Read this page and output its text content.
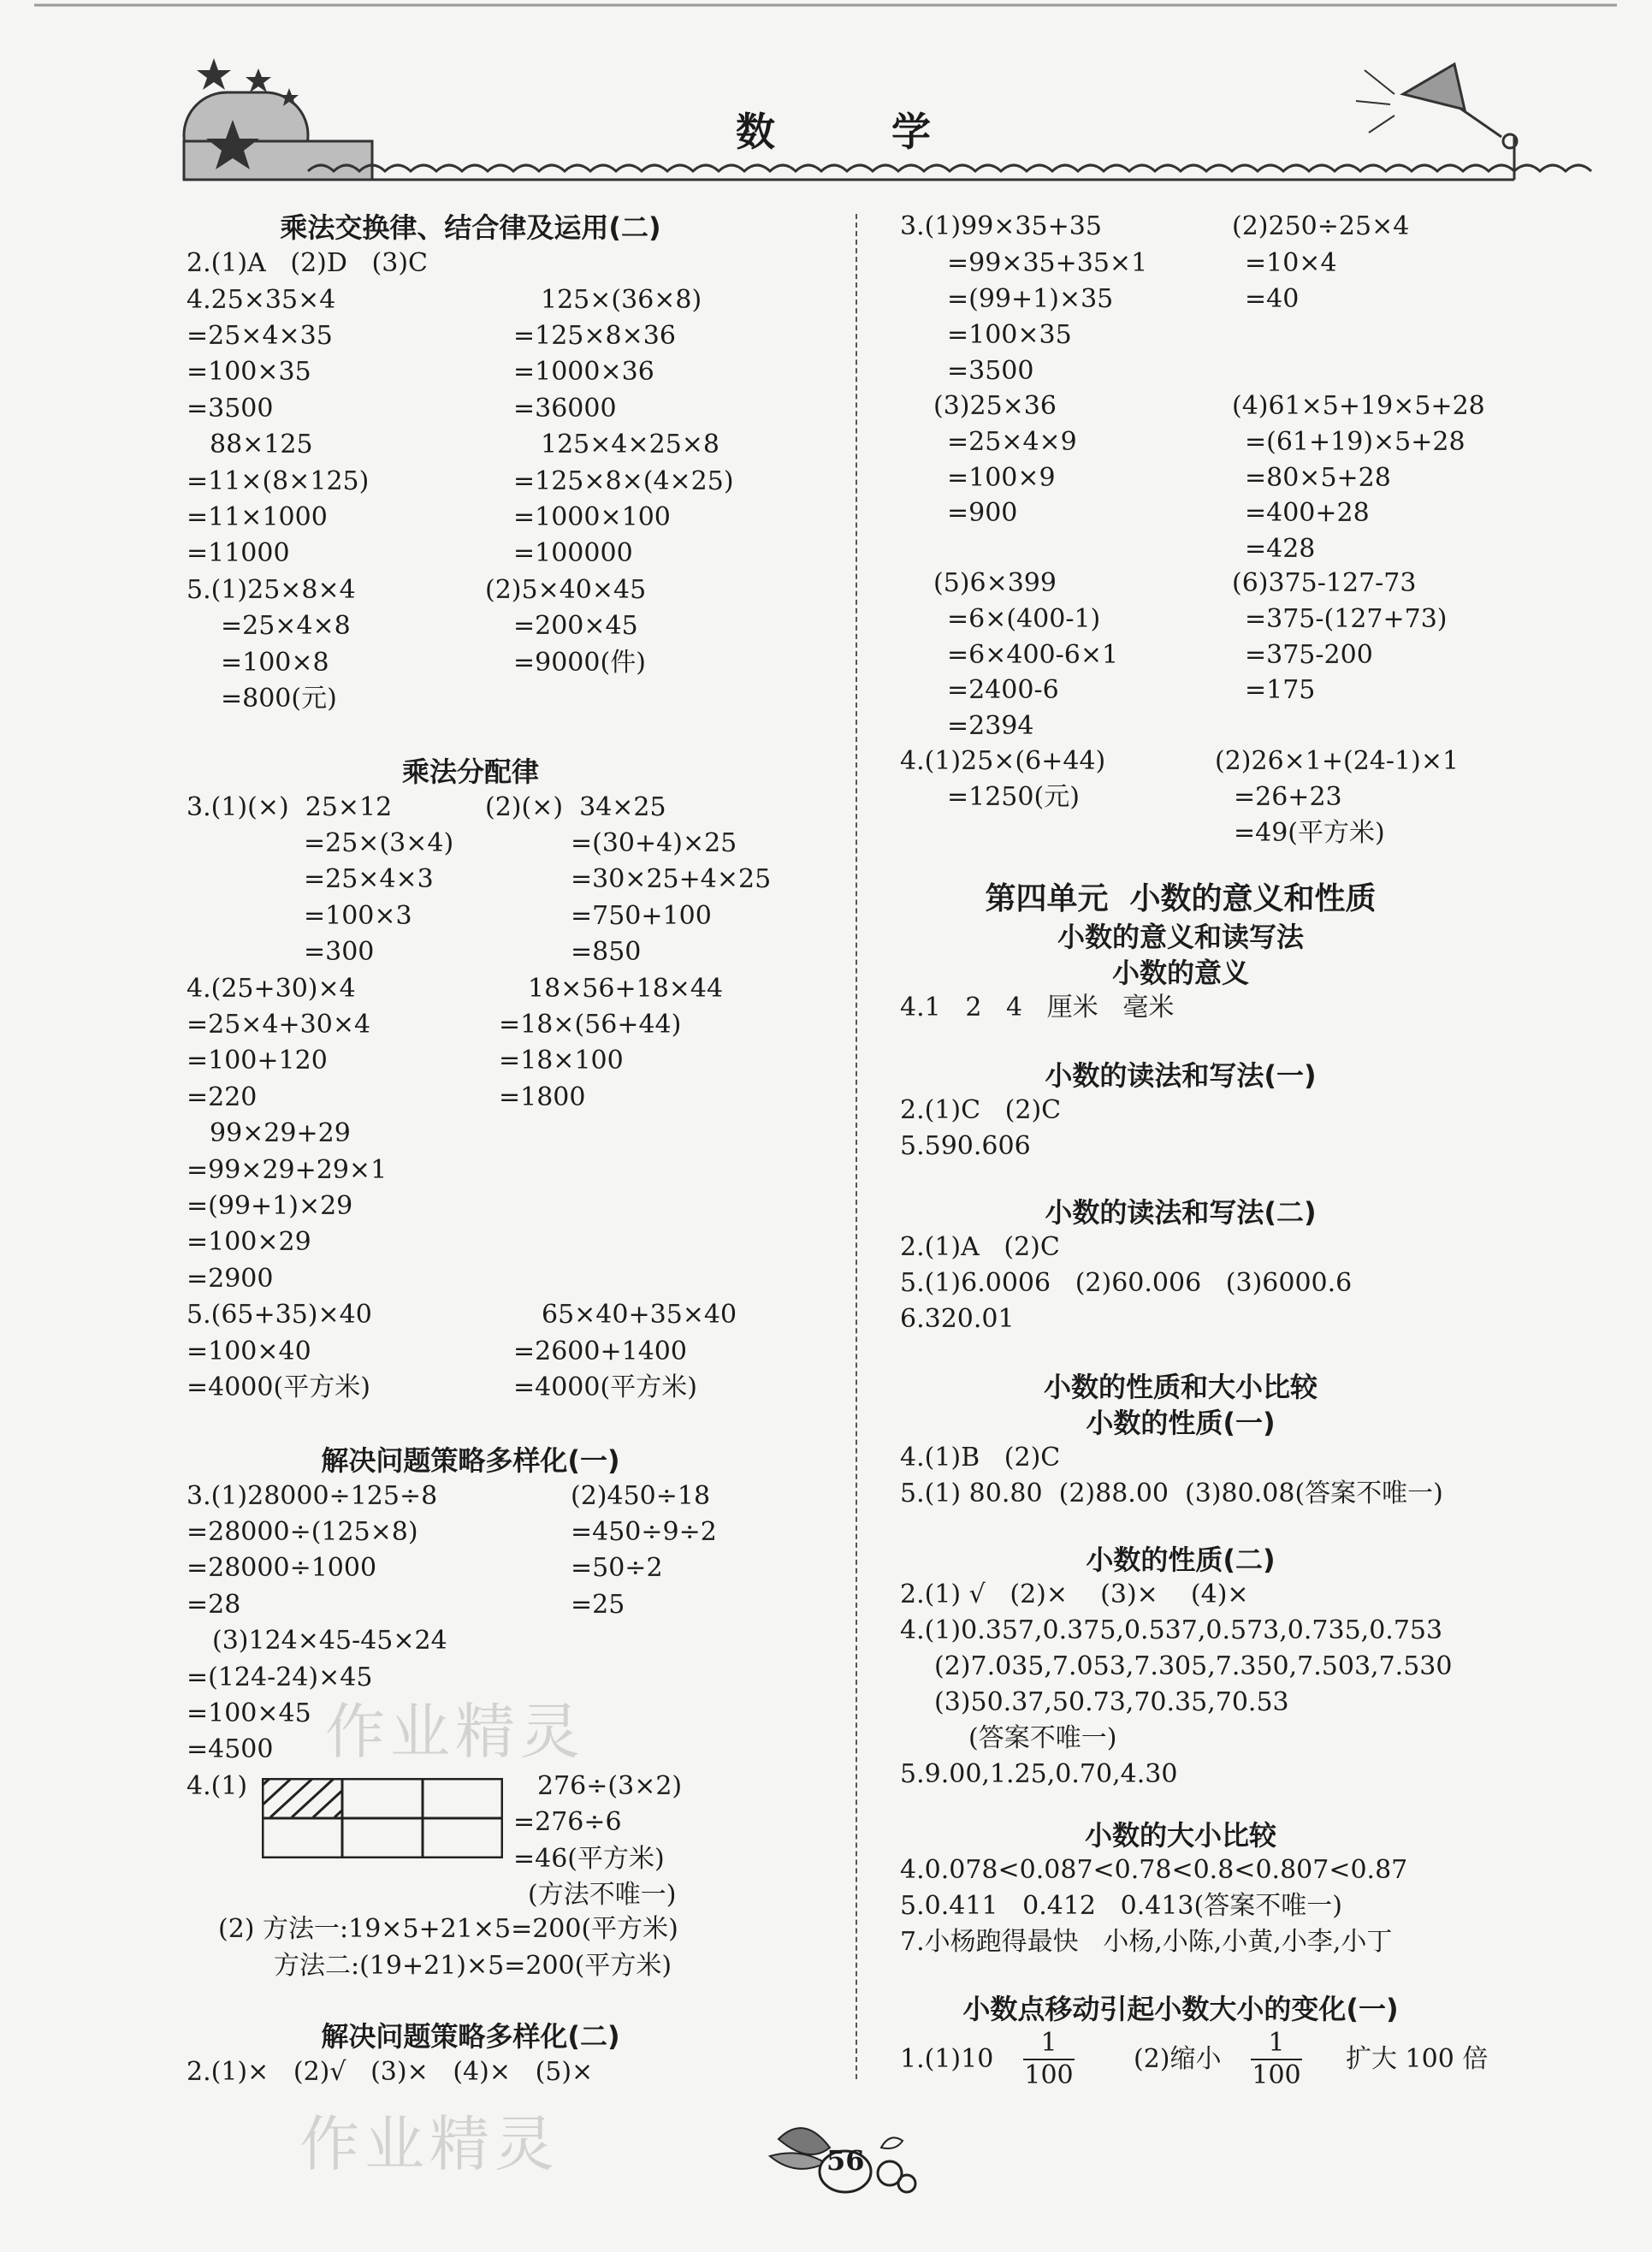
数 学
乘法交换律、结合律及运用(二)
2.(1)A   (2)D   (3)C
4.25×35×4
=25×4×35
=100×35
=3500
88×125
=11×(8×125)
=11×1000
=11000
5.(1)25×8×4
=25×4×8
=100×8
=800(元)
125×(36×8)
=125×8×36
=1000×36
=36000
125×4×25×8
=125×8×(4×25)
=1000×100
=100000
(2)5×40×45
=200×45
=9000(件)
乘法分配律
3.(1)(×)  25×12
=25×(3×4)
=25×4×3
=100×3
=300
4.(25+30)×4
=25×4+30×4
=100+120
=220
99×29+29
=99×29+29×1
=(99+1)×29
=100×29
=2900
5.(65+35)×40
=100×40
=4000(平方米)
(2)(×)  34×25
=(30+4)×25
=30×25+4×25
=750+100
=850
18×56+18×44
=18×(56+44)
=18×100
=1800
65×40+35×40
=2600+1400
=4000(平方米)
解决问题策略多样化(一)
3.(1)28000÷125÷8
=28000÷(125×8)
=28000÷1000
=28
(3)124×45-45×24
=(124-24)×45
=100×45
=4500
4.(1)
(2) 方法一:19×5+21×5=200(平方米)
方法二:(19+21)×5=200(平方米)
(2)450÷18
=450÷9÷2
=50÷2
=25
276÷(3×2)
=276÷6
=46(平方米)
(方法不唯一)
解决问题策略多样化(二)
2.(1)×   (2)√   (3)×   (4)×   (5)×
3.(1)99×35+35
=99×35+35×1
=(99+1)×35
=100×35
=3500
(3)25×36
=25×4×9
=100×9
=900
(5)6×399
=6×(400-1)
=6×400-6×1
=2400-6
=2394
4.(1)25×(6+44)
=1250(元)
(2)250÷25×4
=10×4
=40
(4)61×5+19×5+28
=(61+19)×5+28
=80×5+28
=400+28
=428
(6)375-127-73
=375-(127+73)
=375-200
=175
(2)26×1+(24-1)×1
=26+23
=49(平方米)
第四单元  小数的意义和性质
小数的意义和读写法
小数的意义
4.1   2   4   厘米   毫米
小数的读法和写法(一)
2.(1)C   (2)C
5.590.606
小数的读法和写法(二)
2.(1)A   (2)C
5.(1)6.0006   (2)60.006   (3)6000.6
6.320.01
小数的性质和大小比较
小数的性质(一)
4.(1)B   (2)C
5.(1) 80.80  (2)88.00  (3)80.08(答案不唯一)
小数的性质(二)
2.(1) √   (2)×    (3)×    (4)×
4.(1)0.357,0.375,0.537,0.573,0.735,0.753
(2)7.035,7.053,7.305,7.350,7.503,7.530
(3)50.37,50.73,70.35,70.53
(答案不唯一)
5.9.00,1.25,0.70,4.30
小数的大小比较
4.0.078<0.087<0.78<0.8<0.807<0.87
5.0.411   0.412   0.413(答案不唯一)
7.小杨跑得最快   小杨,小陈,小黄,小李,小丁
小数点移动引起小数大小的变化(一)
$1.(1)10 \frac{1}{100} (2)$缩小 $\frac{1}{100}$ 扩大 100 倍
作业精灵
作业精灵	56
